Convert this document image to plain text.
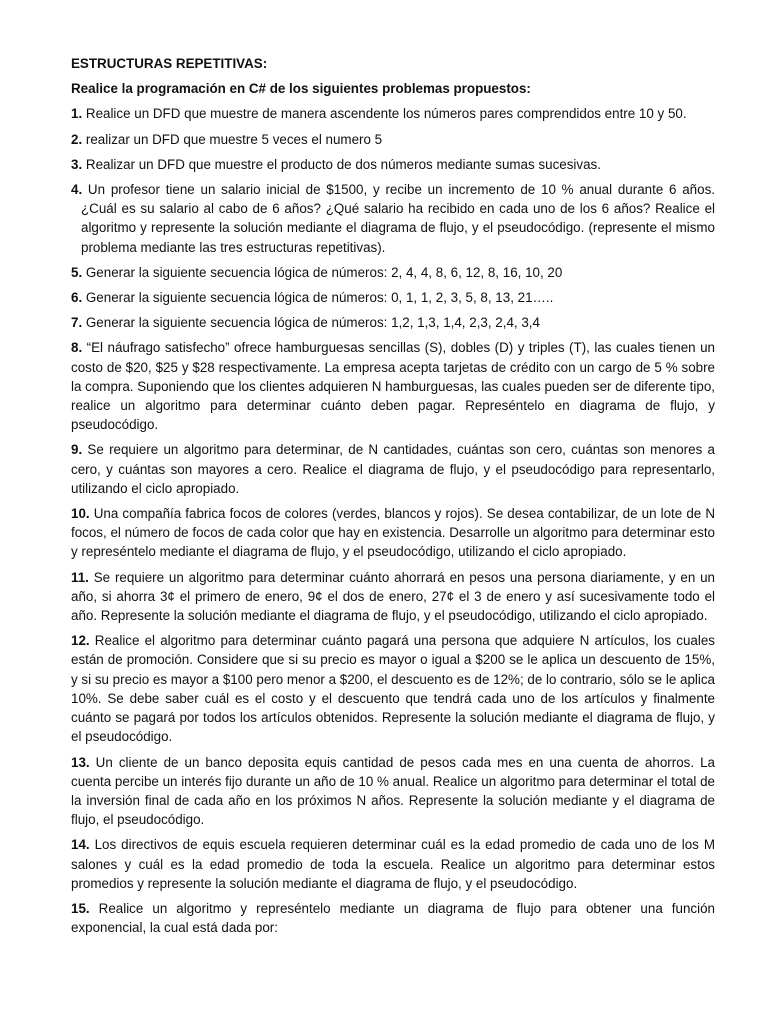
ESTRUCTURAS REPETITIVAS:

Realice la programación en C# de los siguientes problemas propuestos:

1. Realice un DFD que muestre de manera ascendente los números pares comprendidos entre 10 y 50.
2. realizar un DFD que muestre 5 veces el numero 5
3. Realizar un DFD que muestre el producto de dos números mediante sumas sucesivas.
4. Un profesor tiene un salario inicial de $1500, y recibe un incremento de 10 % anual durante 6 años. ¿Cuál es su salario al cabo de 6 años? ¿Qué salario ha recibido en cada uno de los 6 años? Realice el algoritmo y represente la solución mediante el diagrama de flujo, y el pseudocódigo. (represente el mismo problema mediante las tres estructuras repetitivas).
5. Generar la siguiente secuencia lógica de números: 2, 4, 4, 8, 6, 12, 8, 16, 10, 20
6. Generar la siguiente secuencia lógica de números: 0, 1, 1, 2, 3, 5, 8, 13, 21…..
7. Generar la siguiente secuencia lógica de números: 1,2, 1,3, 1,4, 2,3, 2,4, 3,4
8. “El náufrago satisfecho” ofrece hamburguesas sencillas (S), dobles (D) y triples (T), las cuales tienen un costo de $20, $25 y $28 respectivamente. La empresa acepta tarjetas de crédito con un cargo de 5 % sobre la compra. Suponiendo que los clientes adquieren N hamburguesas, las cuales pueden ser de diferente tipo, realice un algoritmo para determinar cuánto deben pagar. Represéntelo en diagrama de flujo, y pseudocódigo.
9. Se requiere un algoritmo para determinar, de N cantidades, cuántas son cero, cuántas son menores a cero, y cuántas son mayores a cero. Realice el diagrama de flujo, y el pseudocódigo para representarlo, utilizando el ciclo apropiado.
10. Una compañía fabrica focos de colores (verdes, blancos y rojos). Se desea contabilizar, de un lote de N focos, el número de focos de cada color que hay en existencia. Desarrolle un algoritmo para determinar esto y represéntelo mediante el diagrama de flujo, y el pseudocódigo, utilizando el ciclo apropiado.
11. Se requiere un algoritmo para determinar cuánto ahorrará en pesos una persona diariamente, y en un año, si ahorra 3¢ el primero de enero, 9¢ el dos de enero, 27¢ el 3 de enero y así sucesivamente todo el año. Represente la solución mediante el diagrama de flujo, y el pseudocódigo, utilizando el ciclo apropiado.
12. Realice el algoritmo para determinar cuánto pagará una persona que adquiere N artículos, los cuales están de promoción. Considere que si su precio es mayor o igual a $200 se le aplica un descuento de 15%, y si su precio es mayor a $100 pero menor a $200, el descuento es de 12%; de lo contrario, sólo se le aplica 10%. Se debe saber cuál es el costo y el descuento que tendrá cada uno de los artículos y finalmente cuánto se pagará por todos los artículos obtenidos. Represente la solución mediante el diagrama de flujo, y el pseudocódigo.
13. Un cliente de un banco deposita equis cantidad de pesos cada mes en una cuenta de ahorros. La cuenta percibe un interés fijo durante un año de 10 % anual. Realice un algoritmo para determinar el total de la inversión final de cada año en los próximos N años. Represente la solución mediante y el diagrama de flujo, el pseudocódigo.
14. Los directivos de equis escuela requieren determinar cuál es la edad promedio de cada uno de los M salones y cuál es la edad promedio de toda la escuela. Realice un algoritmo para determinar estos promedios y represente la solución mediante el diagrama de flujo, y el pseudocódigo.
15. Realice un algoritmo y represéntelo mediante un diagrama de flujo para obtener una función exponencial, la cual está dada por:
